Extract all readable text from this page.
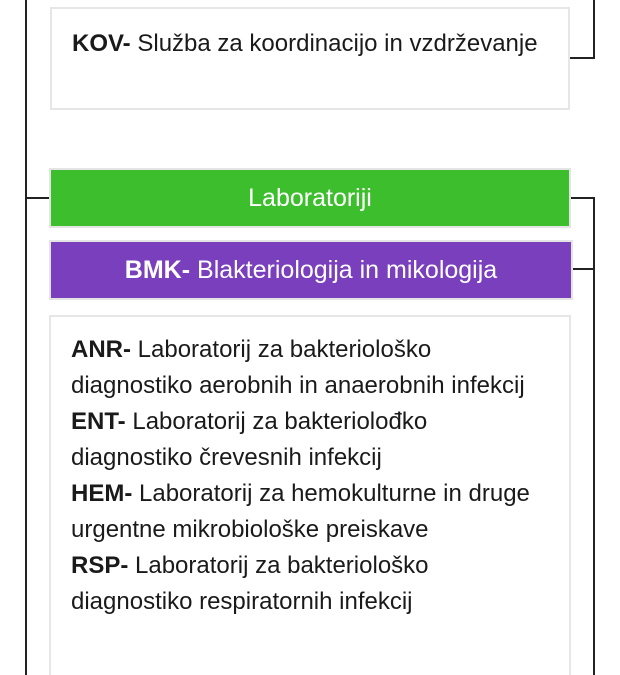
KOV- Služba za koordinacijo in vzdrževanje
Laboratoriji
BMK- Blakteriologija in mikologija
ANR- Laboratorij za bakteriološko diagnostiko aerobnih in anaerobnih infekcij
ENT- Laboratorij za bakteriolođko diagnostiko črevesnih infekcij
HEM- Laboratorij za hemokulturne in druge urgentne mikrobiološke preiskave
RSP- Laboratorij za bakteriološko diagnostiko respiratornih infekcij
